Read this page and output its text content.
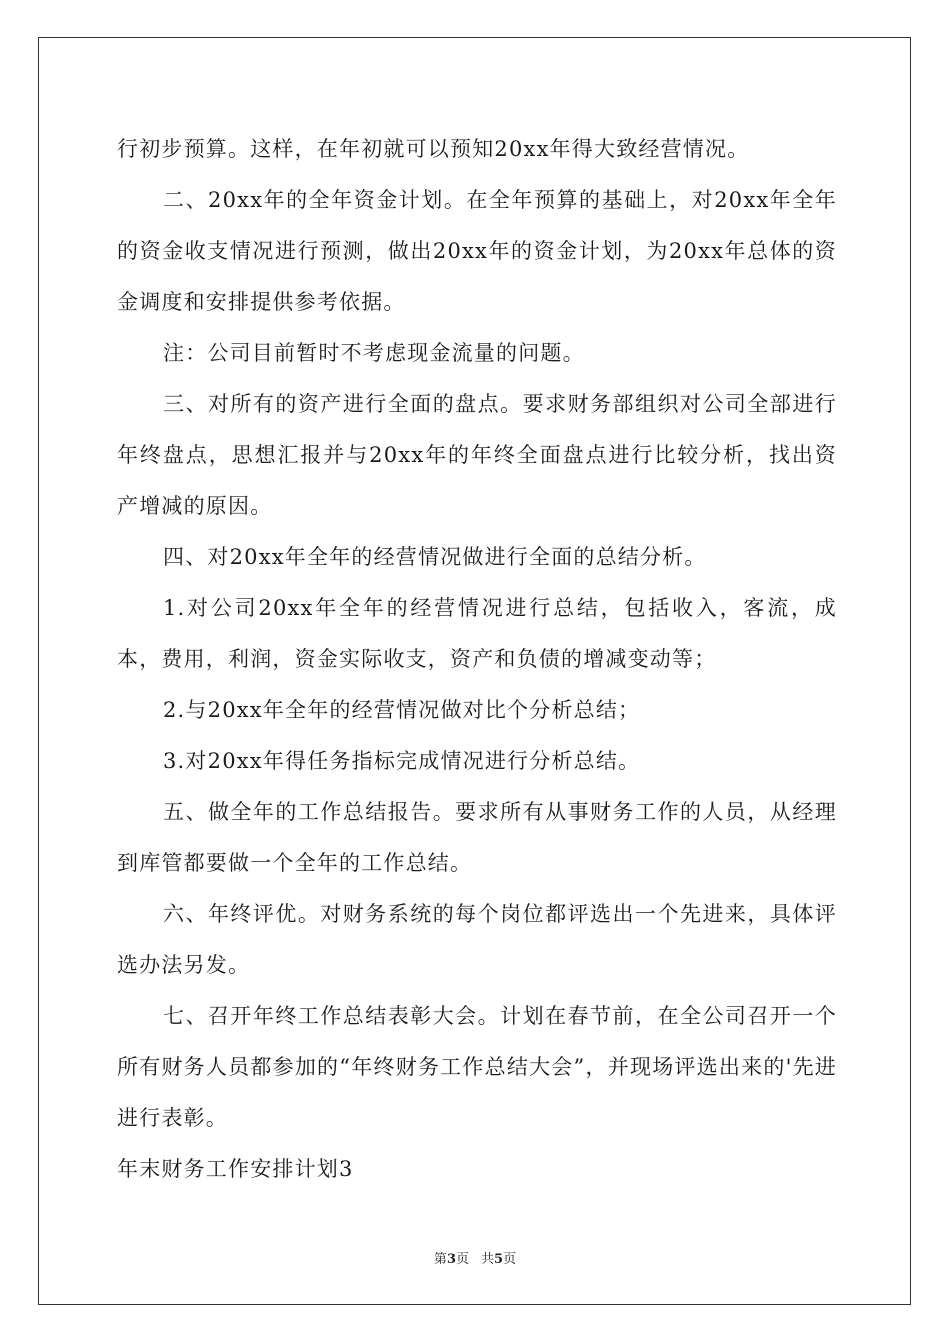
行初步预算。这样，在年初就可以预知20xx年得大致经营情况。

二、20xx年的全年资金计划。在全年预算的基础上，对20xx年全年的资金收支情况进行预测，做出20xx年的资金计划，为20xx年总体的资金调度和安排提供参考依据。

注：公司目前暂时不考虑现金流量的问题。

三、对所有的资产进行全面的盘点。要求财务部组织对公司全部进行年终盘点，思想汇报并与20xx年的年终全面盘点进行比较分析，找出资产增减的原因。

四、对20xx年全年的经营情况做进行全面的总结分析。

1.对公司20xx年全年的经营情况进行总结，包括收入，客流，成本，费用，利润，资金实际收支，资产和负债的增减变动等；

2.与20xx年全年的经营情况做对比个分析总结；

3.对20xx年得任务指标完成情况进行分析总结。

五、做全年的工作总结报告。要求所有从事财务工作的人员，从经理到库管都要做一个全年的工作总结。

六、年终评优。对财务系统的每个岗位都评选出一个先进来，具体评选办法另发。

七、召开年终工作总结表彰大会。计划在春节前，在全公司召开一个所有财务人员都参加的“年终财务工作总结大会”，并现场评选出来的'先进进行表彰。

年末财务工作安排计划3

第3页 共5页
